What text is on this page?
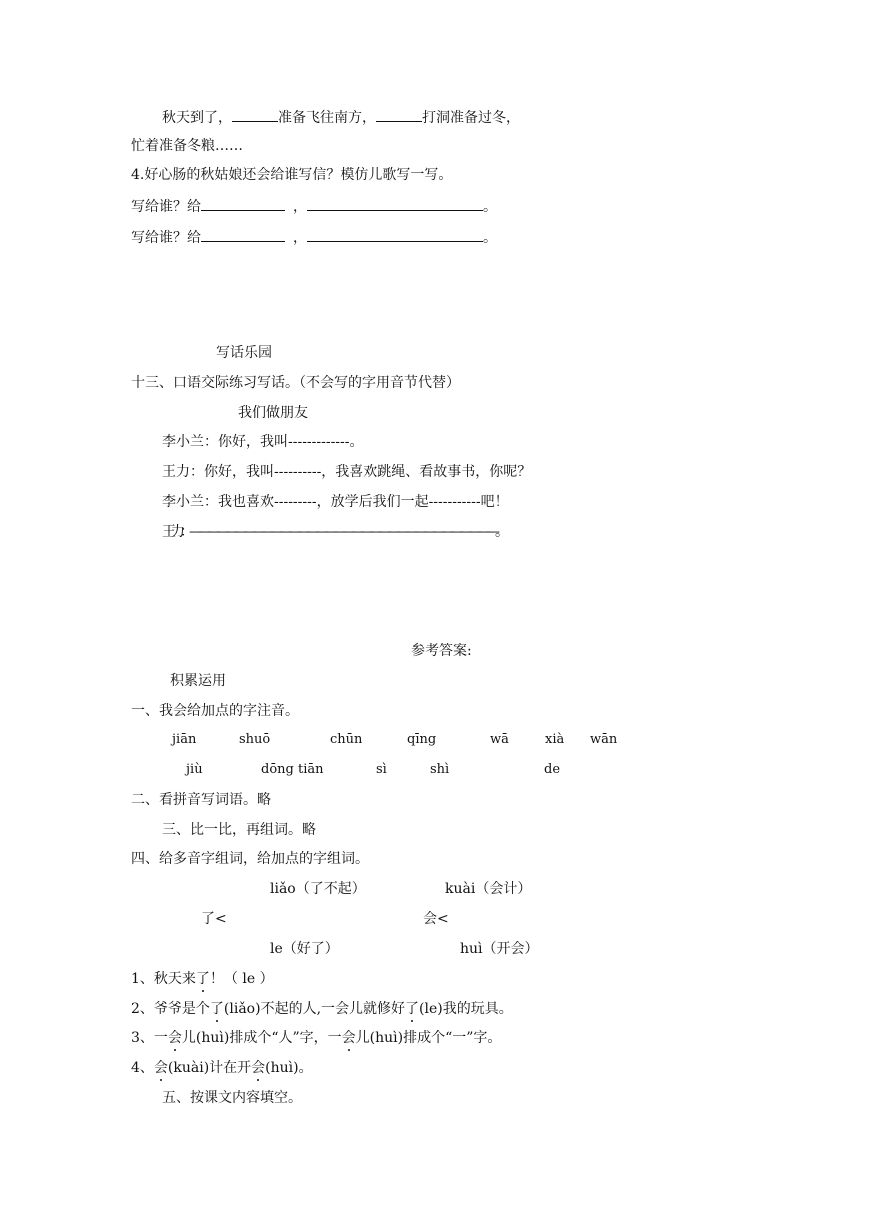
秋天到了，	准备飞往南方，	打洞准备过冬，
忙着准备冬粮……
4.好心肠的秋姑娘还会给谁写信？模仿儿歌写一写。
写给谁？给	，	。
写给谁？给	，	。
写话乐园
十三、口语交际练习写话。（不会写的字用音节代替）
我们做朋友
李小兰：你好，我叫-------------。
王力：你好，我叫----------，我喜欢跳绳、看故事书，你呢？
李小兰：我也喜欢---------，放学后我们一起-----------吧！
王力：——————————————————————————————————。
参考答案:
积累运用
一、我会给加点的字注音。
jiān	shuō	chūn	qīng	wā	xià wān
jiù	dōng tiān	sì	shì	de
二、看拼音写词语。略
三、比一比，再组词。略
四、给多音字组词，给加点的字组词。
liǎo（了不起）	kuài（会计）
了<	会<
le（好了）	huì（开会）
1、秋天来了！（ le ）
2、爷爷是个了(liǎo)不起的人,一会儿就修好了(le)我的玩具。
3、一会儿(huì)排成个“人”字，一会儿(huì)排成个“一”字。
4、会(kuài)计在开会(huì)。
五、按课文内容填空。
